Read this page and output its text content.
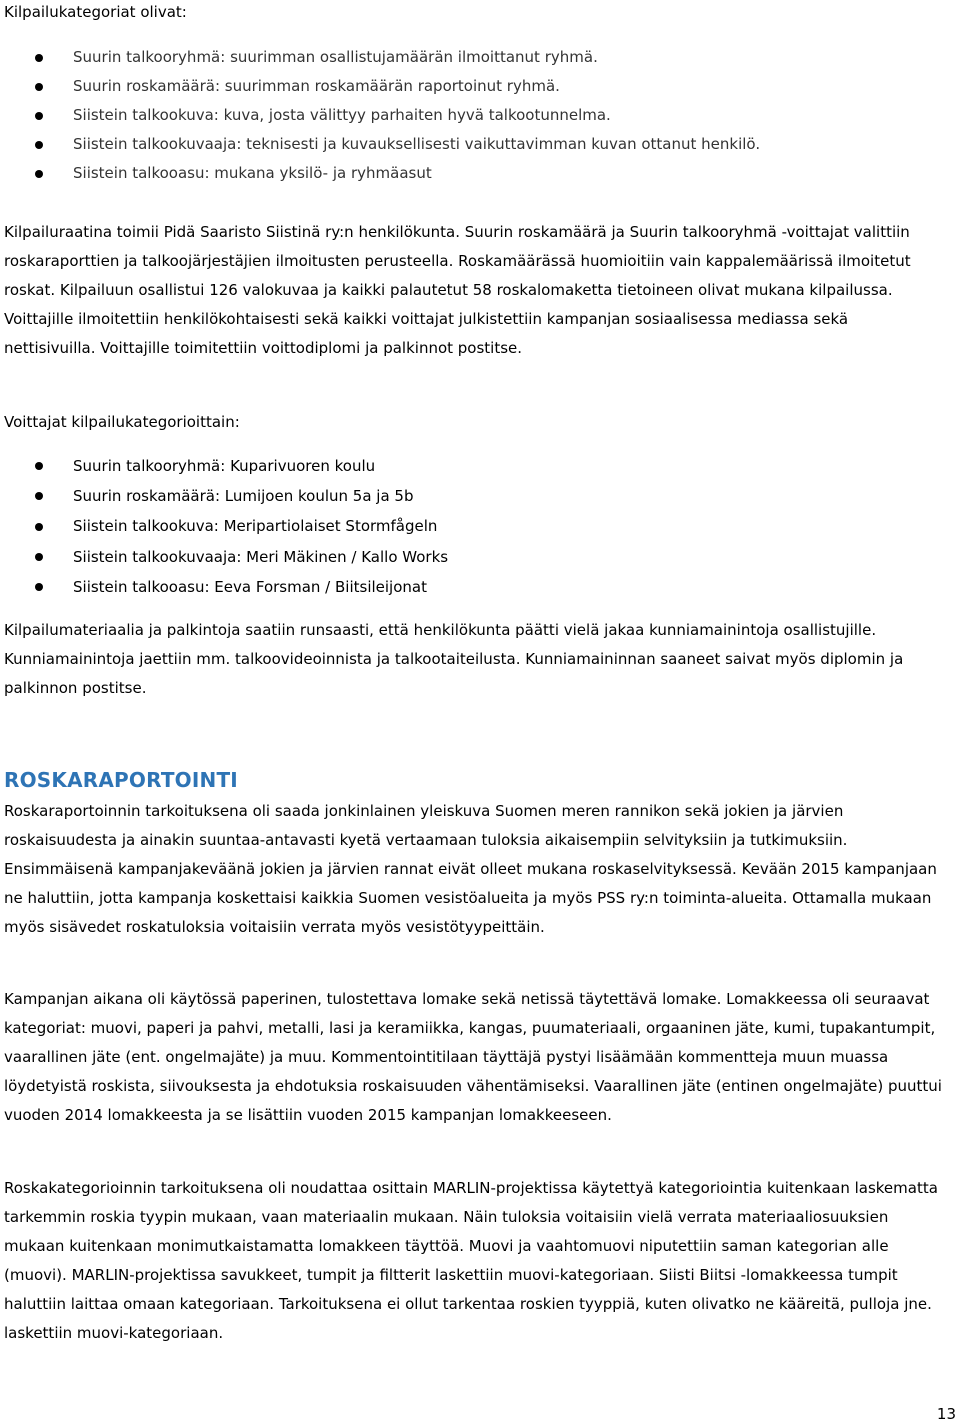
Kilpailukategoriat olivat:

Suurin talkooryhmä: suurimman osallistujamäärän ilmoittanut ryhmä.
Suurin roskamäärä: suurimman roskamäärän raportoinut ryhmä.
Siistein talkookuva: kuva, josta välittyy parhaiten hyvä talkootunnelma.
Siistein talkookuvaaja: teknisesti ja kuvauksellisesti vaikuttavimman kuvan ottanut henkilö.
Siistein talkooasu: mukana yksilö- ja ryhmäasut

Kilpailuraatina toimii Pidä Saaristo Siistinä ry:n henkilökunta. Suurin roskamäärä ja Suurin talkooryhmä -voittajat valittiin roskaraporttien ja talkoojärjestäjien ilmoitusten perusteella. Roskamäärässä huomioitiin vain kappalemäärissä ilmoitetut roskat. Kilpailuun osallistui 126 valokuvaa ja kaikki palautetut 58 roskalomaketta tietoineen olivat mukana kilpailussa. Voittajille ilmoitettiin henkilökohtaisesti sekä kaikki voittajat julkistettiin kampanjan sosiaalisessa mediassa sekä nettisivuilla. Voittajille toimitettiin voittodiplomi ja palkinnot postitse.

Voittajat kilpailukategorioittain:

Suurin talkooryhmä: Kuparivuoren koulu
Suurin roskamäärä: Lumijoen koulun 5a ja 5b
Siistein talkookuva: Meripartiolaiset Stormfågeln
Siistein talkookuvaaja: Meri Mäkinen / Kallo Works
Siistein talkooasu: Eeva Forsman / Biitsileijonat

Kilpailumateriaalia ja palkintoja saatiin runsaasti, että henkilökunta päätti vielä jakaa kunniamainintoja osallistujille. Kunniamainintoja jaettiin mm. talkoovideoinnista ja talkootaiteilusta. Kunniamaininnan saaneet saivat myös diplomin ja palkinnon postitse.

ROSKARAPORTOINTI

Roskaraportoinnin tarkoituksena oli saada jonkinlainen yleiskuva Suomen meren rannikon sekä jokien ja järvien roskaisuudesta ja ainakin suuntaa-antavasti kyetä vertaamaan tuloksia aikaisempiin selvityksiin ja tutkimuksiin. Ensimmäisenä kampanjakeväänä jokien ja järvien rannat eivät olleet mukana roskaselvityksessä. Kevään 2015 kampanjaan ne haluttiin, jotta kampanja koskettaisi kaikkia Suomen vesistöalueita ja myös PSS ry:n toiminta-alueita. Ottamalla mukaan myös sisävedet roskatuloksia voitaisiin verrata myös vesistötyypeittäin.

Kampanjan aikana oli käytössä paperinen, tulostettava lomake sekä netissä täytettävä lomake. Lomakkeessa oli seuraavat kategoriat: muovi, paperi ja pahvi, metalli, lasi ja keramiikka, kangas, puumateriaali, orgaaninen jäte, kumi, tupakantumpit, vaarallinen jäte (ent. ongelmajäte) ja muu. Kommentointitilaan täyttäjä pystyi lisäämään kommentteja muun muassa löydetyistä roskista, siivouksesta ja ehdotuksia roskaisuuden vähentämiseksi. Vaarallinen jäte (entinen ongelmajäte) puuttui vuoden 2014 lomakkeesta ja se lisättiin vuoden 2015 kampanjan lomakkeeseen.

Roskakategorioinnin tarkoituksena oli noudattaa osittain MARLIN-projektissa käytettyä kategoriointia kuitenkaan laskematta tarkemmin roskia tyypin mukaan, vaan materiaalin mukaan. Näin tuloksia voitaisiin vielä verrata materiaaliosuuksien mukaan kuitenkaan monimutkaistamatta lomakkeen täyttöä. Muovi ja vaahtomuovi niputettiin saman kategorian alle (muovi). MARLIN-projektissa savukkeet, tumpit ja filtterit laskettiin muovi-kategoriaan. Siisti Biitsi -lomakkeessa tumpit haluttiin laittaa omaan kategoriaan. Tarkoituksena ei ollut tarkentaa roskien tyyppiä, kuten olivatko ne kääreitä, pulloja jne. laskettiin muovi-kategoriaan.

13
